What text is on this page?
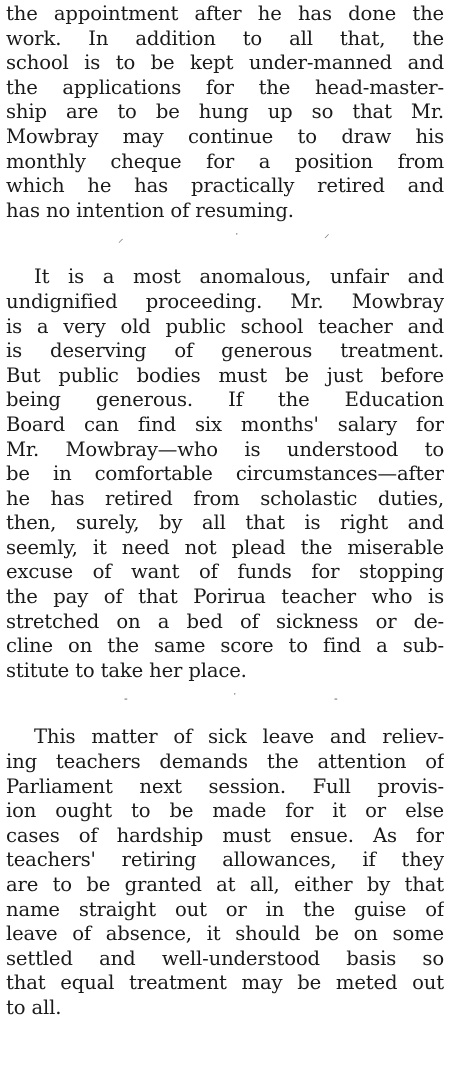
the appointment after he has done the
work. In addition to all that, the
school is to be kept under-manned and
the applications for the head-master-
ship are to be hung up so that Mr.
Mowbray may continue to draw his
monthly cheque for a position from
which he has practically retired and
has no intention of resuming.
⸝	˙	⸍
It is a most anomalous, unfair and
undignified proceeding. Mr. Mowbray
is a very old public school teacher and
is deserving of generous treatment.
But public bodies must be just before
being generous. If the Education
Board can find six months' salary for
Mr. Mowbray—who is understood to
be in comfortable circumstances—after
he has retired from scholastic duties,
then, surely, by all that is right and
seemly, it need not plead the miserable
excuse of want of funds for stopping
the pay of that Porirua teacher who is
stretched on a bed of sickness or de-
cline on the same score to find a sub-
stitute to take her place.
-	˙	-
This matter of sick leave and reliev-
ing teachers demands the attention of
Parliament next session. Full provis-
ion ought to be made for it or else
cases of hardship must ensue. As for
teachers' retiring allowances, if they
are to be granted at all, either by that
name straight out or in the guise of
leave of absence, it should be on some
settled and well-understood basis so
that equal treatment may be meted out
to all.
